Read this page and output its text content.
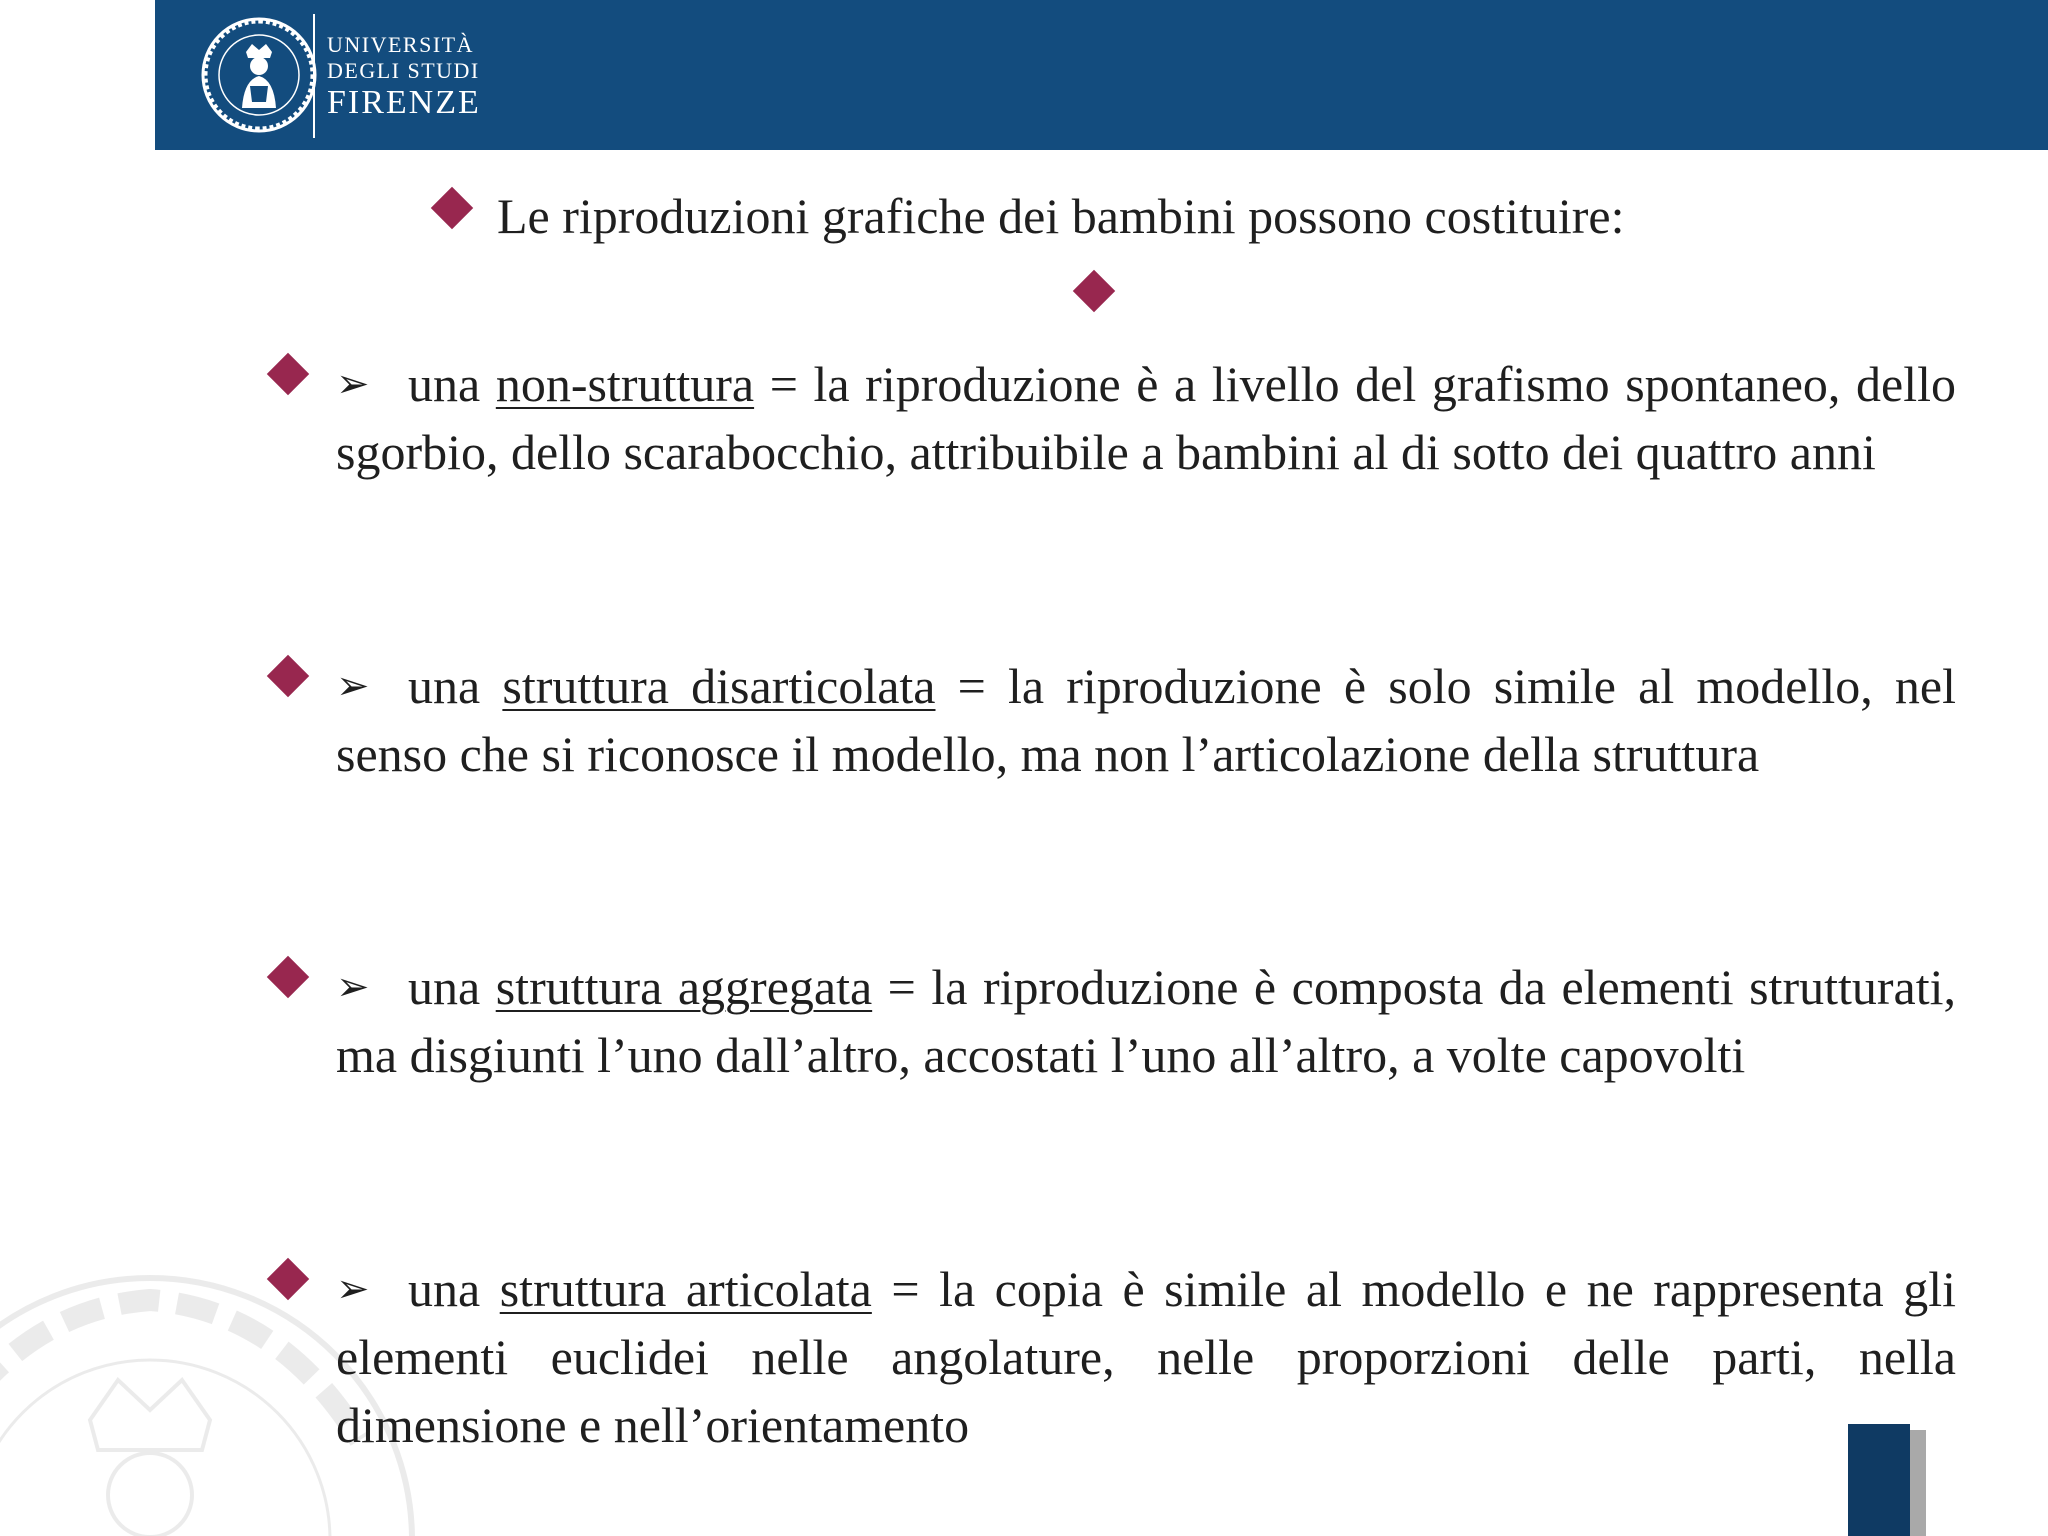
UNIVERSITÀ
DEGLI STUDI
FIRENZE
Le riproduzioni grafiche dei bambini possono costituire:
➢ una non-struttura = la riproduzione è a livello del grafismo spontaneo, dello sgorbio, dello scarabocchio, attribuibile a bambini al di sotto dei quattro anni
➢ una struttura disarticolata = la riproduzione è solo simile al modello, nel senso che si riconosce il modello, ma non l’articolazione della struttura
➢ una struttura aggregata = la riproduzione è composta da elementi strutturati, ma disgiunti l’uno dall’altro, accostati l’uno all’altro, a volte capovolti
➢ una struttura articolata = la copia è simile al modello e ne rappresenta gli elementi euclidei nelle angolature, nelle proporzioni delle parti, nella dimensione e nell’orientamento
